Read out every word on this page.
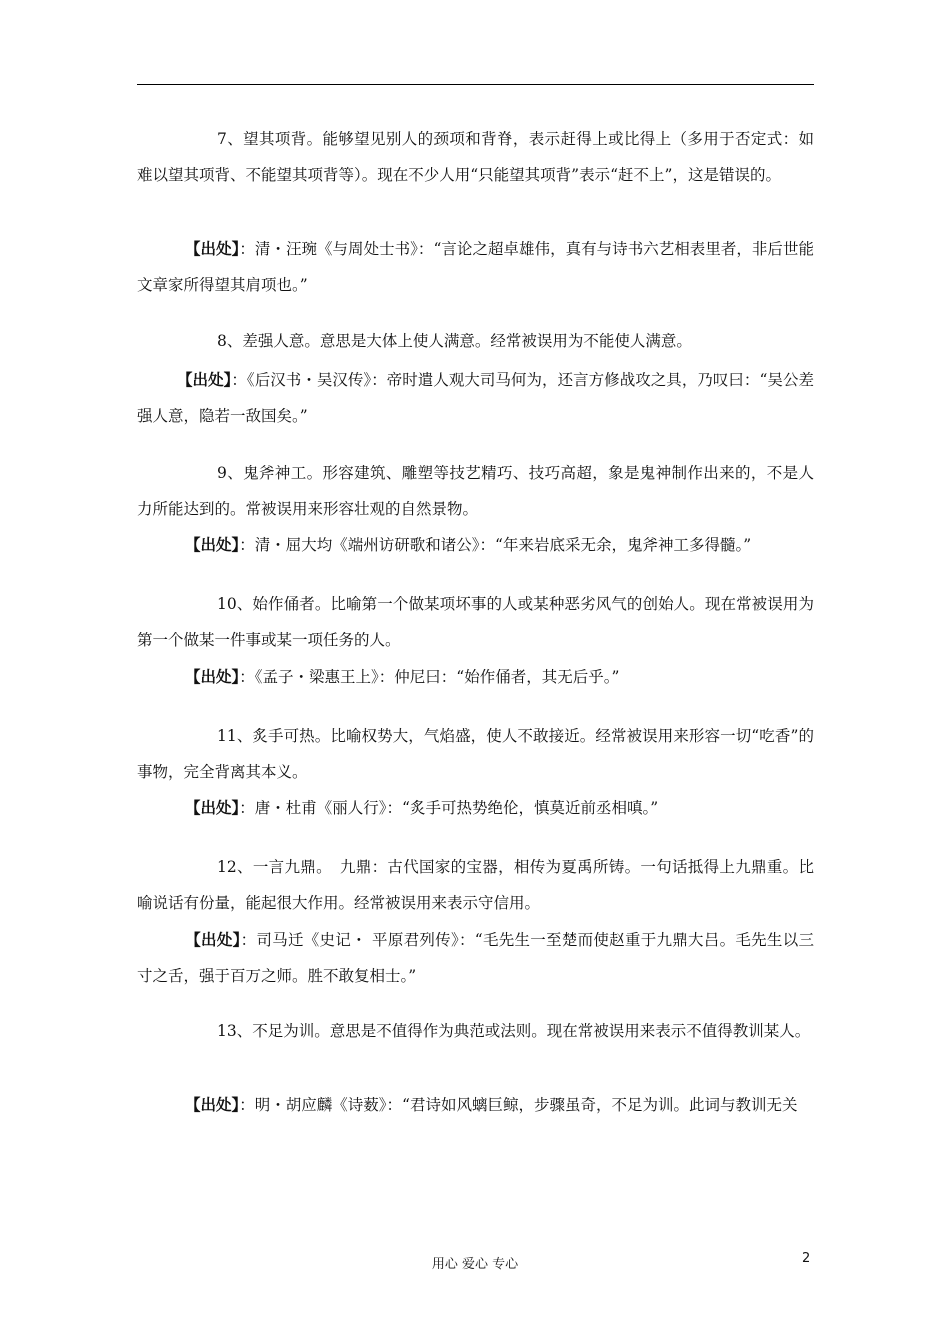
7、望其项背。能够望见别人的颈项和背脊，表示赶得上或比得上（多用于否定式：如难以望其项背、不能望其项背等）。现在不少人用“只能望其项背”表示“赶不上”，这是错误的。
【出处】：清・汪琬《与周处士书》：“言论之超卓雄伟，真有与诗书六艺相表里者，非后世能文章家所得望其肩项也。”
8、差强人意。意思是大体上使人满意。经常被误用为不能使人满意。
【出处】：《后汉书・吴汉传》：帝时遣人观大司马何为，还言方修战攻之具，乃叹曰：“吴公差强人意，隐若一敌国矣。”
9、鬼斧神工。形容建筑、雕塑等技艺精巧、技巧高超，象是鬼神制作出来的，不是人力所能达到的。常被误用来形容壮观的自然景物。
【出处】：清・屈大均《端州访研歌和诸公》：“年来岩底采无余，鬼斧神工多得髓。”
10、始作俑者。比喻第一个做某项坏事的人或某种恶劣风气的创始人。现在常被误用为第一个做某一件事或某一项任务的人。
【出处】：《孟子・梁惠王上》：仲尼曰：“始作俑者，其无后乎。”
11、炙手可热。比喻权势大，气焰盛，使人不敢接近。经常被误用来形容一切“吃香”的事物，完全背离其本义。
【出处】：唐・杜甫《丽人行》：“炙手可热势绝伦，慎莫近前丞相嗔。”
12、一言九鼎。　九鼎：古代国家的宝器，相传为夏禹所铸。一句话抵得上九鼎重。比喻说话有份量，能起很大作用。经常被误用来表示守信用。
【出处】：司马迁《史记・ 平原君列传》：“毛先生一至楚而使赵重于九鼎大吕。毛先生以三寸之舌，强于百万之师。胜不敢复相士。”
13、不足为训。意思是不值得作为典范或法则。现在常被误用来表示不值得教训某人。
【出处】：明・胡应麟《诗薮》：“君诗如风螭巨鲸，步骤虽奇，不足为训。此词与教训无关
用心 爱心 专心	2
